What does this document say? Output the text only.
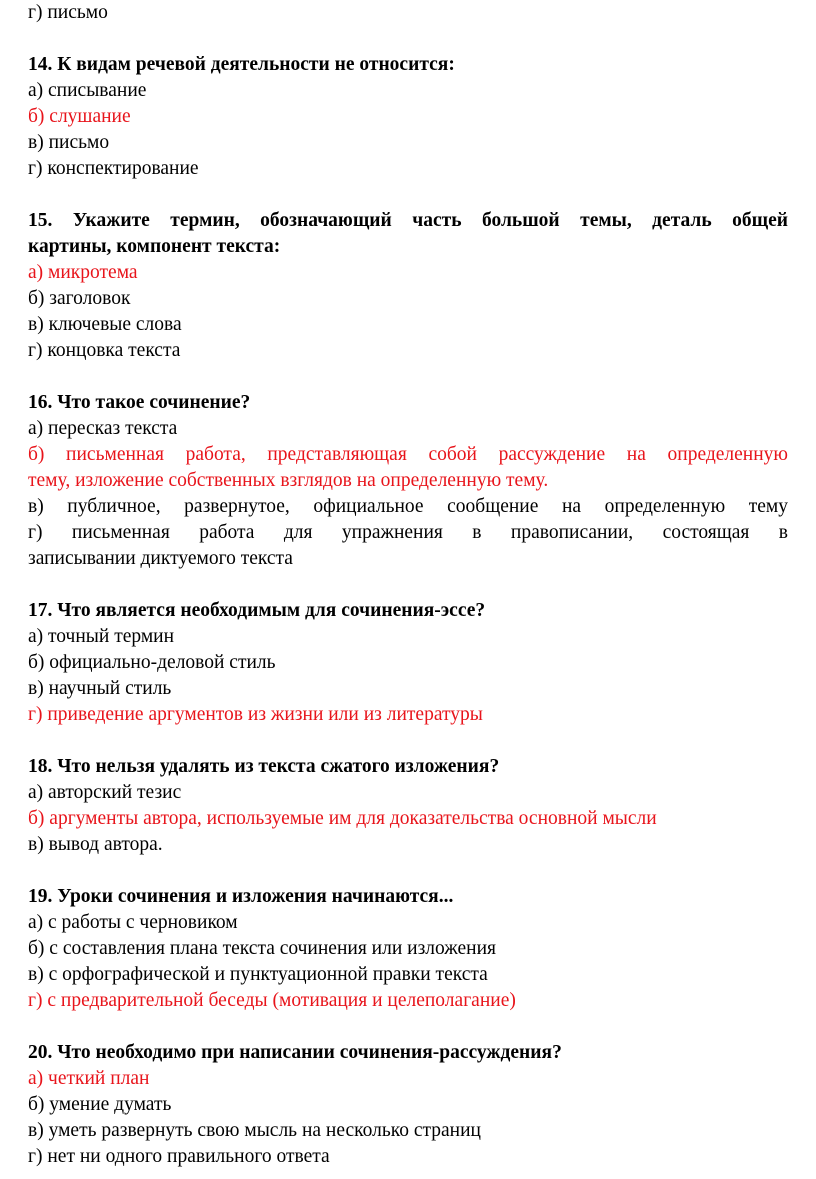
г) письмо
14. К видам речевой деятельности не относится:
а) списывание
б) слушание
в) письмо
г) конспектирование
15. Укажите термин, обозначающий часть большой темы, деталь общей
картины, компонент текста:
а) микротема
б) заголовок
в) ключевые слова
г) концовка текста
16. Что такое сочинение?
а) пересказ текста
б) письменная работа, представляющая собой рассуждение на определенную
тему, изложение собственных взглядов на определенную тему.
в) публичное, развернутое, официальное сообщение на определенную тему
г) письменная работа для упражнения в правописании, состоящая в
записывании диктуемого текста
17. Что является необходимым для сочинения-эссе?
а) точный термин
б) официально-деловой стиль
в) научный стиль
г) приведение аргументов из жизни или из литературы
18. Что нельзя удалять из текста сжатого изложения?
а) авторский тезис
б) аргументы автора, используемые им для доказательства основной мысли
в) вывод автора.
19. Уроки сочинения и изложения начинаются...
а) с работы с черновиком
б) с составления плана текста сочинения или изложения
в) с орфографической и пунктуационной правки текста
г) с предварительной беседы (мотивация и целеполагание)
20. Что необходимо при написании сочинения-рассуждения?
а) четкий план
б) умение думать
в) уметь развернуть свою мысль на несколько страниц
г) нет ни одного правильного ответа
